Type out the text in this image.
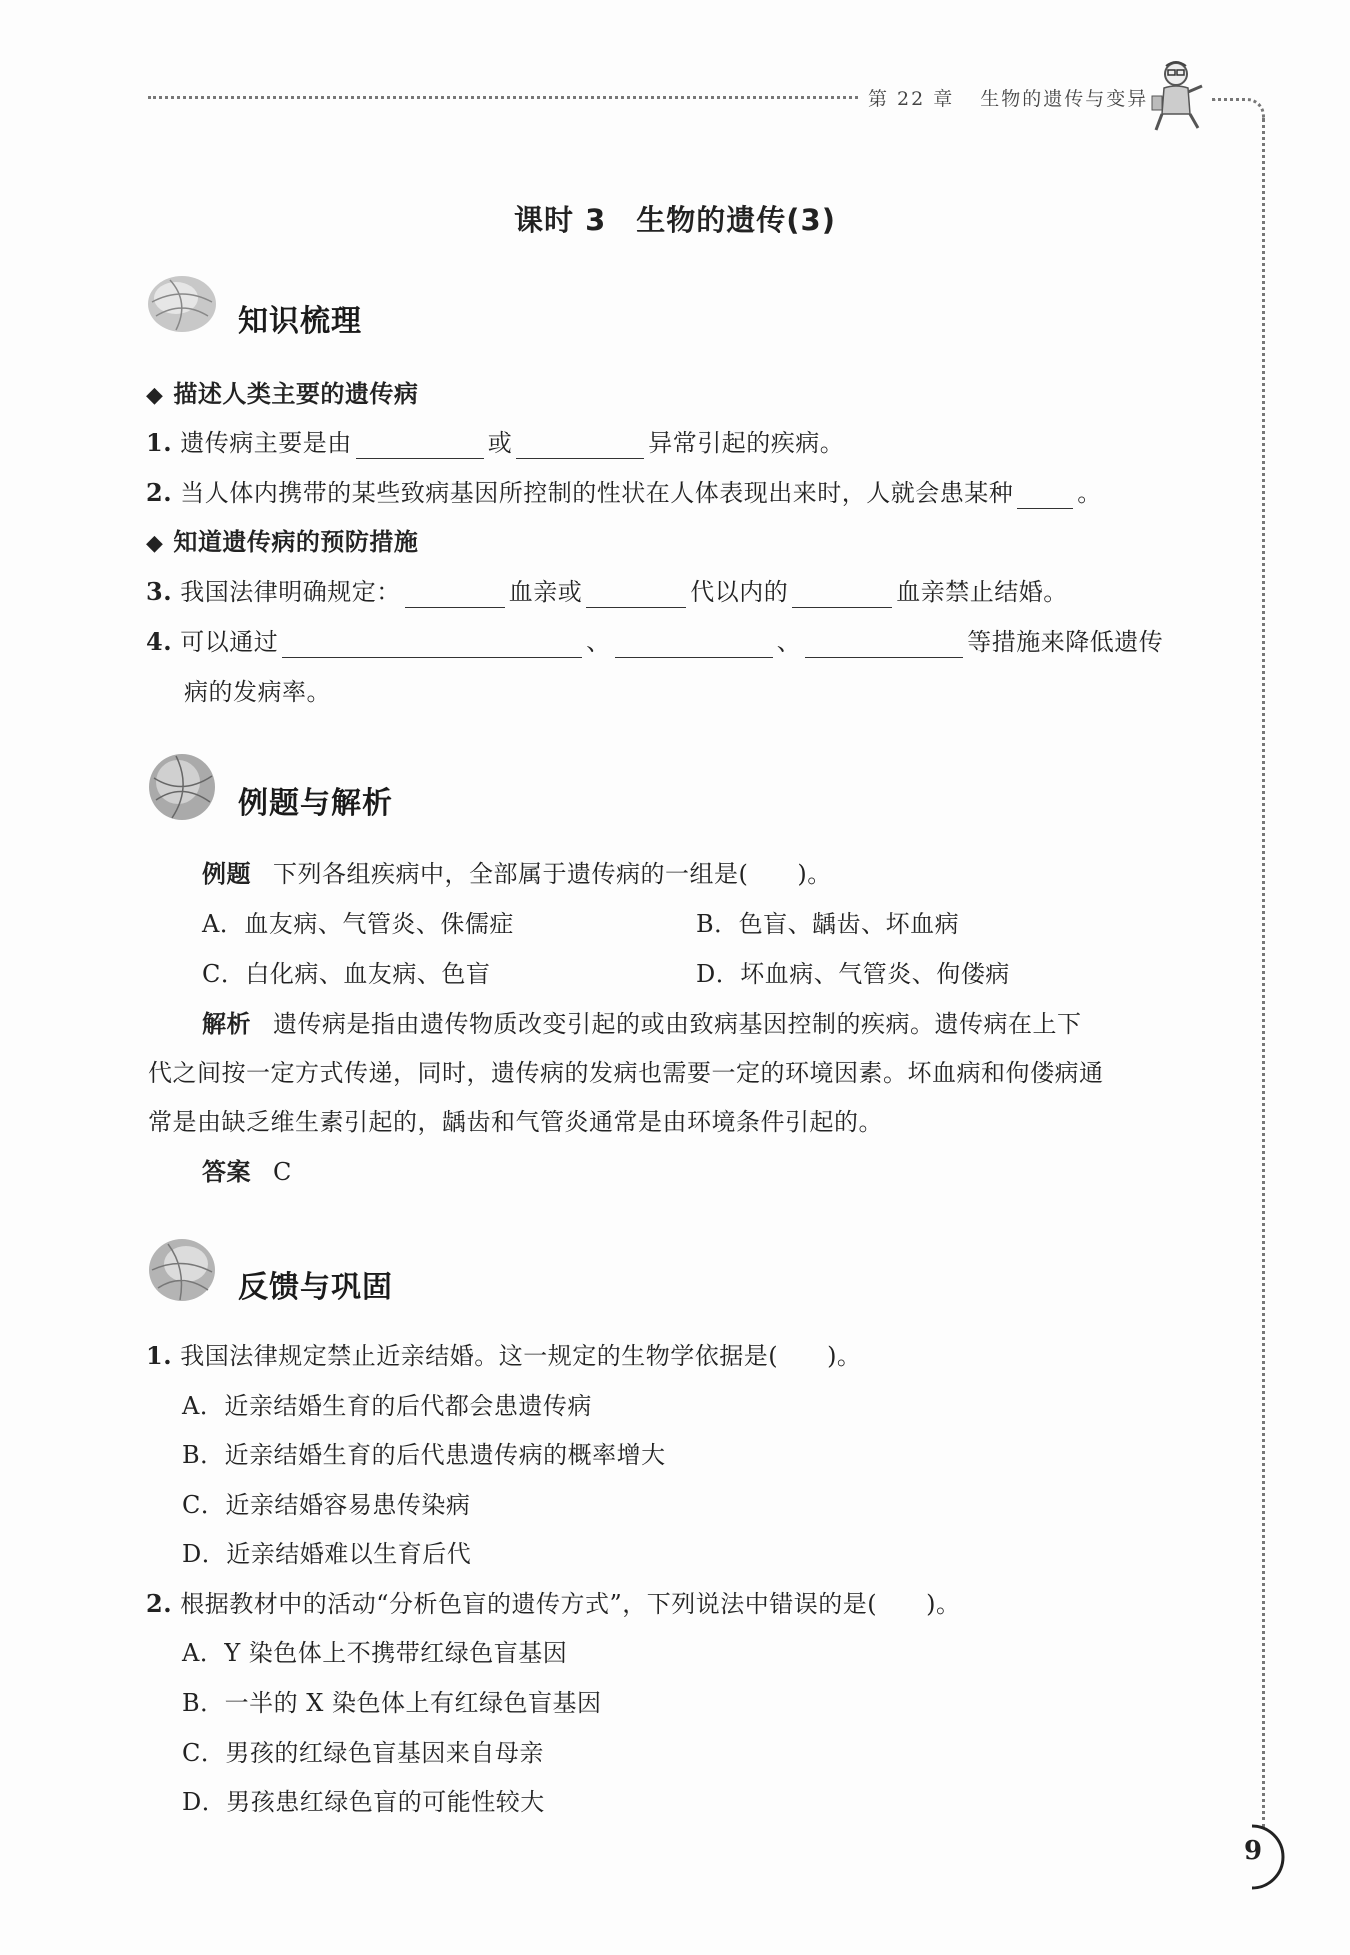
第 22 章 生物的遗传与变异
课时 3 生物的遗传(3)
知识梳理
◆ 描述人类主要的遗传病
1. 遗传病主要是由	或	异常引起的疾病。
2. 当人体内携带的某些致病基因所控制的性状在人体表现出来时，人就会患某种	。
◆ 知道遗传病的预防措施
3. 我国法律明确规定：	血亲或	代以内的	血亲禁止结婚。
4. 可以通过	、	、	等措施来降低遗传
病的发病率。
例题与解析
例题 下列各组疾病中，全部属于遗传病的一组是(　　)。
A．血友病、气管炎、侏儒症	B．色盲、龋齿、坏血病
C．白化病、血友病、色盲	D．坏血病、气管炎、佝偻病
解析 遗传病是指由遗传物质改变引起的或由致病基因控制的疾病。遗传病在上下
代之间按一定方式传递，同时，遗传病的发病也需要一定的环境因素。坏血病和佝偻病通
常是由缺乏维生素引起的，龋齿和气管炎通常是由环境条件引起的。
答案 C
反馈与巩固
1. 我国法律规定禁止近亲结婚。这一规定的生物学依据是(　　)。
A．近亲结婚生育的后代都会患遗传病
B．近亲结婚生育的后代患遗传病的概率增大
C．近亲结婚容易患传染病
D．近亲结婚难以生育后代
2. 根据教材中的活动“分析色盲的遗传方式”，下列说法中错误的是(　　)。
A．Y 染色体上不携带红绿色盲基因
B．一半的 X 染色体上有红绿色盲基因
C．男孩的红绿色盲基因来自母亲
D．男孩患红绿色盲的可能性较大
9
